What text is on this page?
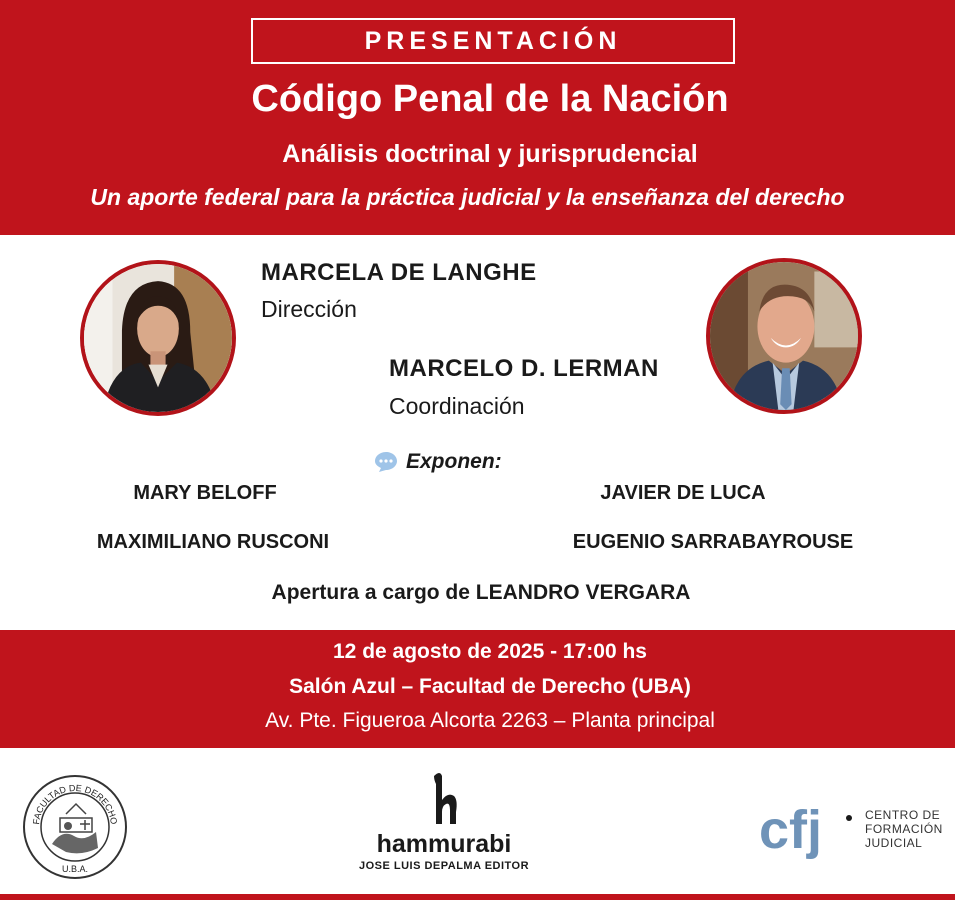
PRESENTACIÓN
Código Penal de la Nación
Análisis doctrinal y jurisprudencial
Un aporte federal para la práctica judicial y la enseñanza del derecho
MARCELA DE LANGHE
Dirección
MARCELO D. LERMAN
Coordinación
Exponen:
MARY BELOFF	JAVIER DE LUCA
MAXIMILIANO RUSCONI	EUGENIO SARRABAYROUSE
Apertura a cargo de LEANDRO VERGARA
12 de agosto de 2025 - 17:00 hs
Salón Azul – Facultad de Derecho (UBA)
Av. Pte. Figueroa Alcorta 2263 – Planta principal
FACULTAD DE DERECHO
U.B.A.
hammurabi
JOSE LUIS DEPALMA EDITOR
cfj	CENTRO DE
FORMACIÓN
JUDICIAL
